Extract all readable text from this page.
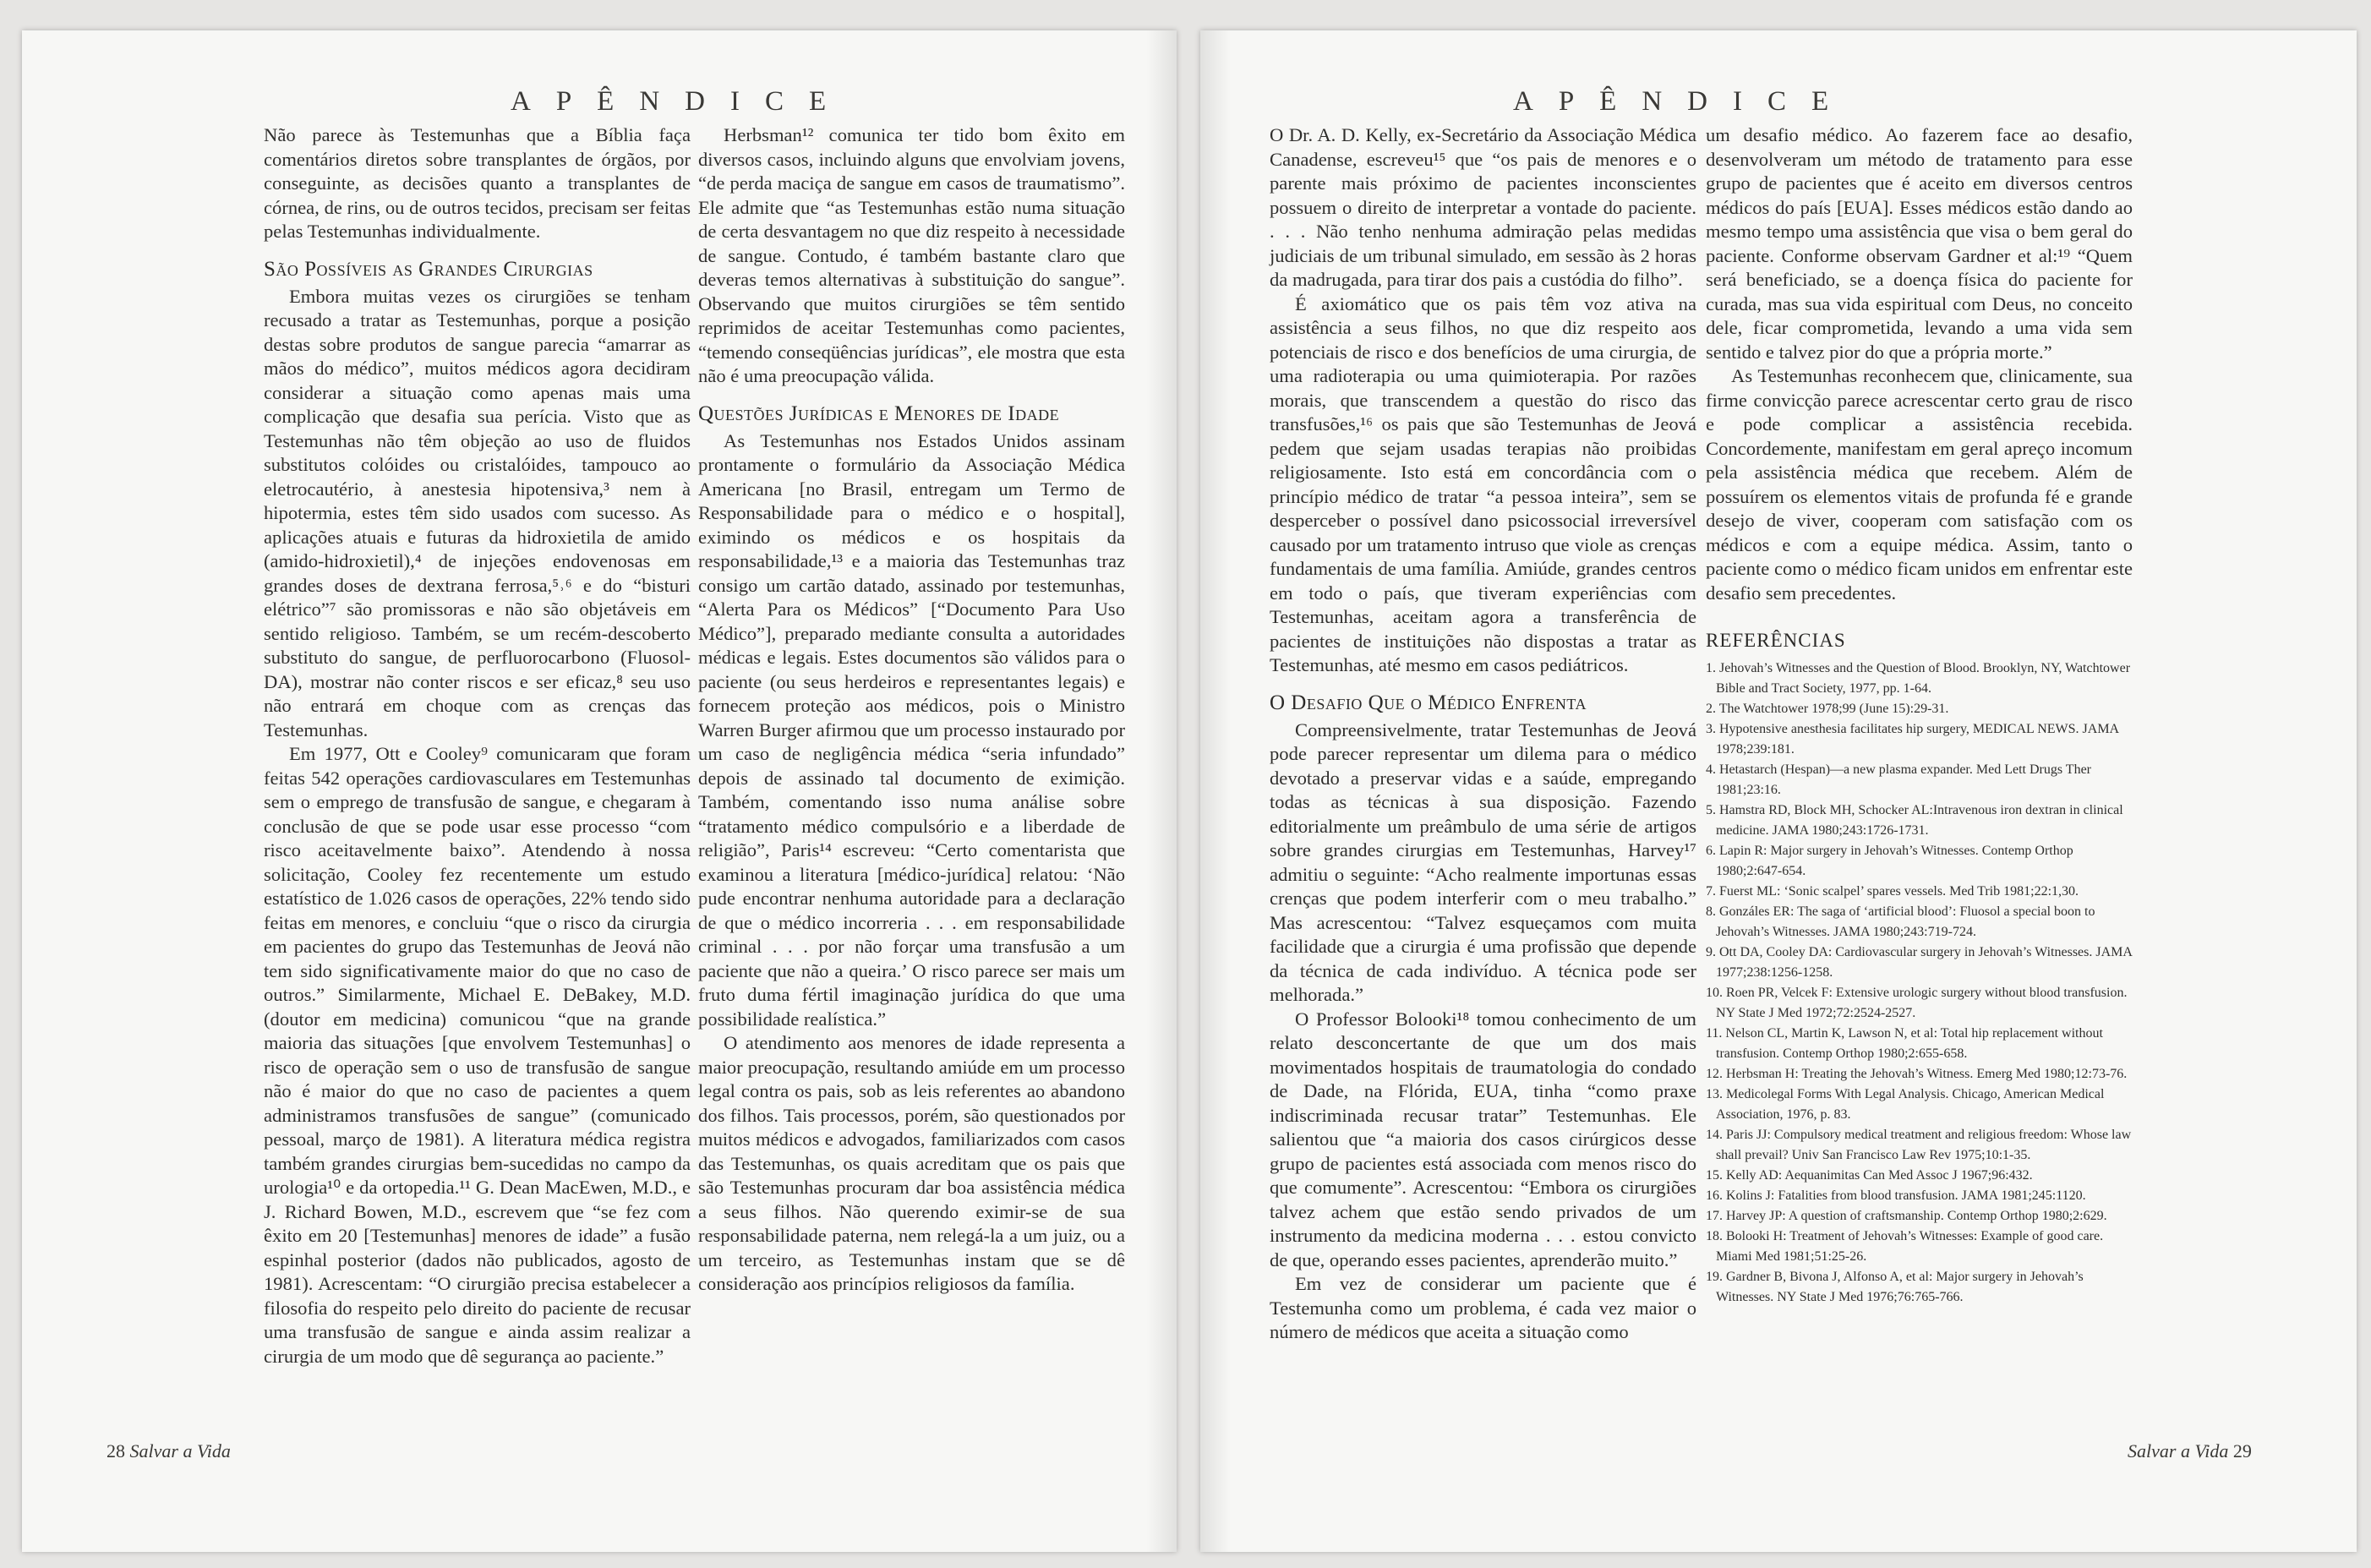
APÊNDICE

Não parece às Testemunhas que a Bíblia faça comentários diretos sobre transplantes de órgãos, por conseguinte, as decisões quanto a transplantes de córnea, de rins, ou de outros tecidos, precisam ser feitas pelas Testemunhas individualmente.

São Possíveis as Grandes Cirurgias

Embora muitas vezes os cirurgiões se tenham recusado a tratar as Testemunhas, porque a posição destas sobre produtos de sangue parecia “amarrar as mãos do médico”, muitos médicos agora decidiram considerar a situação como apenas mais uma complicação que desafia sua perícia. Visto que as Testemunhas não têm objeção ao uso de fluidos substitutos colóides ou cristalóides, tampouco ao eletrocautério, à anestesia hipotensiva,³ nem à hipotermia, estes têm sido usados com sucesso. As aplicações atuais e futuras da hidroxietila de amido (amido-hidroxietil),⁴ de injeções endovenosas em grandes doses de dextrana ferrosa,⁵˒⁶ e do “bisturi elétrico”⁷ são promissoras e não são objetáveis em sentido religioso. Também, se um recém-descoberto substituto do sangue, de perfluorocarbono (Fluosol-DA), mostrar não conter riscos e ser eficaz,⁸ seu uso não entrará em choque com as crenças das Testemunhas.

Em 1977, Ott e Cooley⁹ comunicaram que foram feitas 542 operações cardiovasculares em Testemunhas sem o emprego de transfusão de sangue, e chegaram à conclusão de que se pode usar esse processo “com risco aceitavelmente baixo”. Atendendo à nossa solicitação, Cooley fez recentemente um estudo estatístico de 1.026 casos de operações, 22% tendo sido feitas em menores, e concluiu “que o risco da cirurgia em pacientes do grupo das Testemunhas de Jeová não tem sido significativamente maior do que no caso de outros.” Similarmente, Michael E. DeBakey, M.D. (doutor em medicina) comunicou “que na grande maioria das situações [que envolvem Testemunhas] o risco de operação sem o uso de transfusão de sangue não é maior do que no caso de pacientes a quem administramos transfusões de sangue” (comunicado pessoal, março de 1981). A literatura médica registra também grandes cirurgias bem-sucedidas no campo da urologia¹⁰ e da ortopedia.¹¹ G. Dean MacEwen, M.D., e J. Richard Bowen, M.D., escrevem que “se fez com êxito em 20 [Testemunhas] menores de idade” a fusão espinhal posterior (dados não publicados, agosto de 1981). Acrescentam: “O cirurgião precisa estabelecer a filosofia do respeito pelo direito do paciente de recusar uma transfusão de sangue e ainda assim realizar a cirurgia de um modo que dê segurança ao paciente.”

Herbsman¹² comunica ter tido bom êxito em diversos casos, incluindo alguns que envolviam jovens, “de perda maciça de sangue em casos de traumatismo”. Ele admite que “as Testemunhas estão numa situação de certa desvantagem no que diz respeito à necessidade de sangue. Contudo, é também bastante claro que deveras temos alternativas à substituição do sangue”. Observando que muitos cirurgiões se têm sentido reprimidos de aceitar Testemunhas como pacientes, “temendo conseqüências jurídicas”, ele mostra que esta não é uma preocupação válida.

Questões Jurídicas e Menores de Idade

As Testemunhas nos Estados Unidos assinam prontamente o formulário da Associação Médica Americana [no Brasil, entregam um Termo de Responsabilidade para o médico e o hospital], eximindo os médicos e os hospitais da responsabilidade,¹³ e a maioria das Testemunhas traz consigo um cartão datado, assinado por testemunhas, “Alerta Para os Médicos” [“Documento Para Uso Médico”], preparado mediante consulta a autoridades médicas e legais. Estes documentos são válidos para o paciente (ou seus herdeiros e representantes legais) e fornecem proteção aos médicos, pois o Ministro Warren Burger afirmou que um processo instaurado por um caso de negligência médica “seria infundado” depois de assinado tal documento de eximição. Também, comentando isso numa análise sobre “tratamento médico compulsório e a liberdade de religião”, Paris¹⁴ escreveu: “Certo comentarista que examinou a literatura [médico-jurídica] relatou: ‘Não pude encontrar nenhuma autoridade para a declaração de que o médico incorreria . . . em responsabilidade criminal . . . por não forçar uma transfusão a um paciente que não a queira.’ O risco parece ser mais um fruto duma fértil imaginação jurídica do que uma possibilidade realística.”

O atendimento aos menores de idade representa a maior preocupação, resultando amiúde em um processo legal contra os pais, sob as leis referentes ao abandono dos filhos. Tais processos, porém, são questionados por muitos médicos e advogados, familiarizados com casos das Testemunhas, os quais acreditam que os pais que são Testemunhas procuram dar boa assistência médica a seus filhos. Não querendo eximir-se de sua responsabilidade paterna, nem relegá-la a um juiz, ou a um terceiro, as Testemunhas instam que se dê consideração aos princípios religiosos da família.

28 Salvar a Vida
APÊNDICE

O Dr. A. D. Kelly, ex-Secretário da Associação Médica Canadense, escreveu¹⁵ que “os pais de menores e o parente mais próximo de pacientes inconscientes possuem o direito de interpretar a vontade do paciente. . . . Não tenho nenhuma admiração pelas medidas judiciais de um tribunal simulado, em sessão às 2 horas da madrugada, para tirar dos pais a custódia do filho”.

É axiomático que os pais têm voz ativa na assistência a seus filhos, no que diz respeito aos potenciais de risco e dos benefícios de uma cirurgia, de uma radioterapia ou uma quimioterapia. Por razões morais, que transcendem a questão do risco das transfusões,¹⁶ os pais que são Testemunhas de Jeová pedem que sejam usadas terapias não proibidas religiosamente. Isto está em concordância com o princípio médico de tratar “a pessoa inteira”, sem se desperceber o possível dano psicossocial irreversível causado por um tratamento intruso que viole as crenças fundamentais de uma família. Amiúde, grandes centros em todo o país, que tiveram experiências com Testemunhas, aceitam agora a transferência de pacientes de instituições não dispostas a tratar as Testemunhas, até mesmo em casos pediátricos.

O Desafio Que o Médico Enfrenta

Compreensivelmente, tratar Testemunhas de Jeová pode parecer representar um dilema para o médico devotado a preservar vidas e a saúde, empregando todas as técnicas à sua disposição. Fazendo editorialmente um preâmbulo de uma série de artigos sobre grandes cirurgias em Testemunhas, Harvey¹⁷ admitiu o seguinte: “Acho realmente importunas essas crenças que podem interferir com o meu trabalho.” Mas acrescentou: “Talvez esqueçamos com muita facilidade que a cirurgia é uma profissão que depende da técnica de cada indivíduo. A técnica pode ser melhorada.”

O Professor Bolooki¹⁸ tomou conhecimento de um relato desconcertante de que um dos mais movimentados hospitais de traumatologia do condado de Dade, na Flórida, EUA, tinha “como praxe indiscriminada recusar tratar” Testemunhas. Ele salientou que “a maioria dos casos cirúrgicos desse grupo de pacientes está associada com menos risco do que comumente”. Acrescentou: “Embora os cirurgiões talvez achem que estão sendo privados de um instrumento da medicina moderna . . . estou convicto de que, operando esses pacientes, aprenderão muito.”

Em vez de considerar um paciente que é Testemunha como um problema, é cada vez maior o número de médicos que aceita a situação como

um desafio médico. Ao fazerem face ao desafio, desenvolveram um método de tratamento para esse grupo de pacientes que é aceito em diversos centros médicos do país [EUA]. Esses médicos estão dando ao mesmo tempo uma assistência que visa o bem geral do paciente. Conforme observam Gardner et al:¹⁹ “Quem será beneficiado, se a doença física do paciente for curada, mas sua vida espiritual com Deus, no conceito dele, ficar comprometida, levando a uma vida sem sentido e talvez pior do que a própria morte.”

As Testemunhas reconhecem que, clinicamente, sua firme convicção parece acrescentar certo grau de risco e pode complicar a assistência recebida. Concordemente, manifestam em geral apreço incomum pela assistência médica que recebem. Além de possuírem os elementos vitais de profunda fé e grande desejo de viver, cooperam com satisfação com os médicos e com a equipe médica. Assim, tanto o paciente como o médico ficam unidos em enfrentar este desafio sem precedentes.

REFERÊNCIAS
1. Jehovah’s Witnesses and the Question of Blood. Brooklyn, NY, Watchtower Bible and Tract Society, 1977, pp. 1-64.
2. The Watchtower 1978;99 (June 15):29-31.
3. Hypotensive anesthesia facilitates hip surgery, MEDICAL NEWS. JAMA 1978;239:181.
4. Hetastarch (Hespan)—a new plasma expander. Med Lett Drugs Ther 1981;23:16.
5. Hamstra RD, Block MH, Schocker AL:Intravenous iron dextran in clinical medicine. JAMA 1980;243:1726-1731.
6. Lapin R: Major surgery in Jehovah’s Witnesses. Contemp Orthop 1980;2:647-654.
7. Fuerst ML: ‘Sonic scalpel’ spares vessels. Med Trib 1981;22:1,30.
8. Gonzáles ER: The saga of ‘artificial blood’: Fluosol a special boon to Jehovah’s Witnesses. JAMA 1980;243:719-724.
9. Ott DA, Cooley DA: Cardiovascular surgery in Jehovah’s Witnesses. JAMA 1977;238:1256-1258.
10. Roen PR, Velcek F: Extensive urologic surgery without blood transfusion. NY State J Med 1972;72:2524-2527.
11. Nelson CL, Martin K, Lawson N, et al: Total hip replacement without transfusion. Contemp Orthop 1980;2:655-658.
12. Herbsman H: Treating the Jehovah’s Witness. Emerg Med 1980;12:73-76.
13. Medicolegal Forms With Legal Analysis. Chicago, American Medical Association, 1976, p. 83.
14. Paris JJ: Compulsory medical treatment and religious freedom: Whose law shall prevail? Univ San Francisco Law Rev 1975;10:1-35.
15. Kelly AD: Aequanimitas Can Med Assoc J 1967;96:432.
16. Kolins J: Fatalities from blood transfusion. JAMA 1981;245:1120.
17. Harvey JP: A question of craftsmanship. Contemp Orthop 1980;2:629.
18. Bolooki H: Treatment of Jehovah’s Witnesses: Example of good care. Miami Med 1981;51:25-26.
19. Gardner B, Bivona J, Alfonso A, et al: Major surgery in Jehovah’s Witnesses. NY State J Med 1976;76:765-766.
Salvar a Vida 29
